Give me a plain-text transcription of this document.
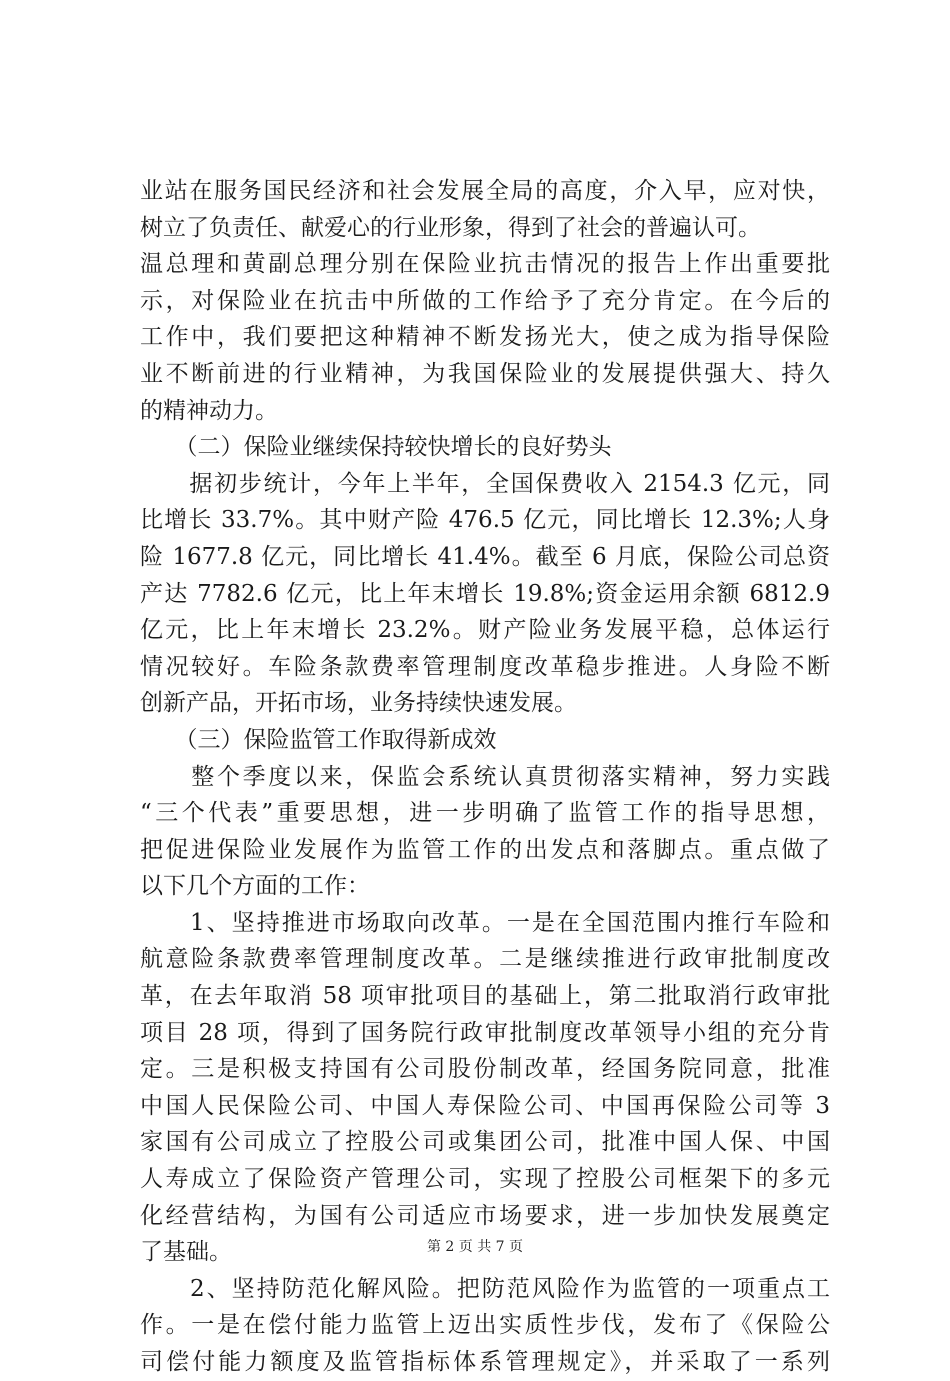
业站在服务国民经济和社会发展全局的高度，介入早，应对快，
树立了负责任、献爱心的行业形象，得到了社会的普遍认可。
温总理和黄副总理分别在保险业抗击情况的报告上作出重要批
示，对保险业在抗击中所做的工作给予了充分肯定。在今后的
工作中，我们要把这种精神不断发扬光大，使之成为指导保险
业不断前进的行业精神，为我国保险业的发展提供强大、持久
的精神动力。
　　（二）保险业继续保持较快增长的良好势头
　　据初步统计，今年上半年，全国保费收入 2154.3 亿元，同
比增长 33.7%。其中财产险 476.5 亿元，同比增长 12.3%;人身
险 1677.8 亿元，同比增长 41.4%。截至 6 月底，保险公司总资
产达 7782.6 亿元，比上年末增长 19.8%;资金运用余额 6812.9
亿元，比上年末增长 23.2%。财产险业务发展平稳，总体运行
情况较好。车险条款费率管理制度改革稳步推进。人身险不断
创新产品，开拓市场，业务持续快速发展。
　　（三）保险监管工作取得新成效
　　整个季度以来，保监会系统认真贯彻落实精神，努力实践
“三个代表”重要思想，进一步明确了监管工作的指导思想，
把促进保险业发展作为监管工作的出发点和落脚点。重点做了
以下几个方面的工作：
　　1、坚持推进市场取向改革。一是在全国范围内推行车险和
航意险条款费率管理制度改革。二是继续推进行政审批制度改
革，在去年取消 58 项审批项目的基础上，第二批取消行政审批
项目 28 项，得到了国务院行政审批制度改革领导小组的充分肯
定。三是积极支持国有公司股份制改革，经国务院同意，批准
中国人民保险公司、中国人寿保险公司、中国再保险公司等 3
家国有公司成立了控股公司或集团公司，批准中国人保、中国
人寿成立了保险资产管理公司，实现了控股公司框架下的多元
化经营结构，为国有公司适应市场要求，进一步加快发展奠定
了基础。
　　2、坚持防范化解风险。把防范风险作为监管的一项重点工
作。一是在偿付能力监管上迈出实质性步伐，发布了《保险公
司偿付能力额度及监管指标体系管理规定》，并采取了一系列
第 2 页 共 7 页
